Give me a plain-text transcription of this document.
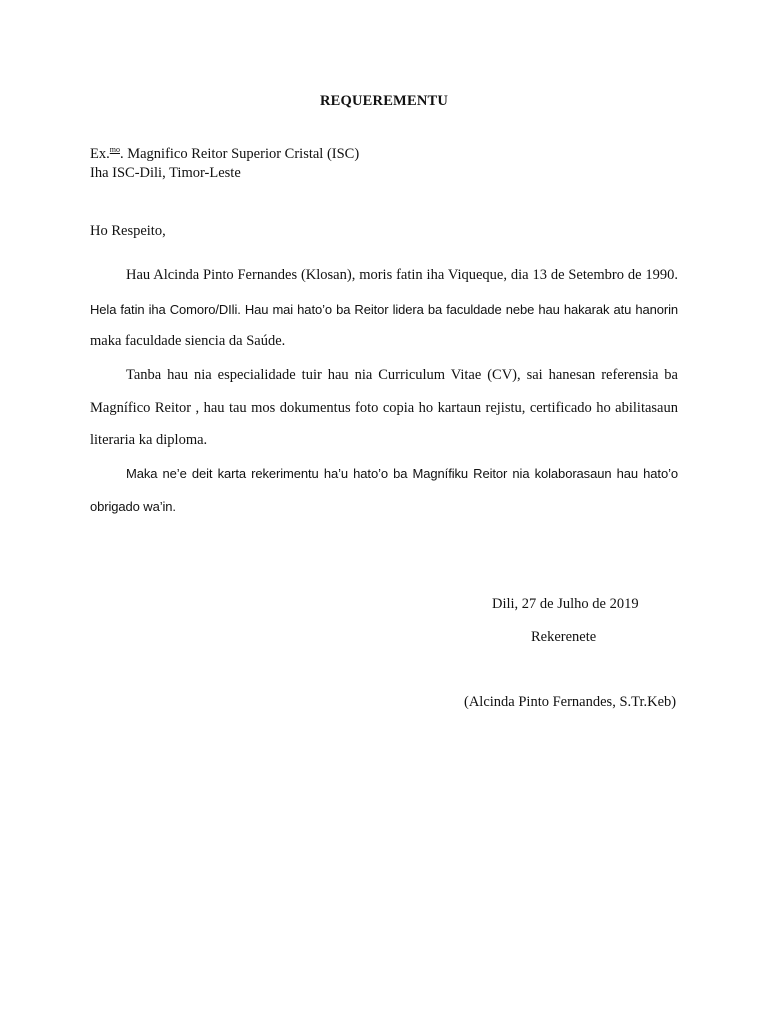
REQUEREMENTU
Ex.$^{mo}$. Magnifico Reitor Superior Cristal (ISC)
Iha ISC-Dili, Timor-Leste
Ho Respeito,
Hau Alcinda Pinto Fernandes (Klosan), moris fatin iha Viqueque, dia 13 de Setembro de 1990.
Hela fatin iha Comoro/DIli. Hau mai hato’o ba Reitor lidera ba faculdade nebe hau hakarak atu hanorin
maka faculdade siencia da Saúde.
Tanba hau nia especialidade tuir hau nia Curriculum Vitae (CV), sai hanesan referensia ba
Magnífico Reitor , hau tau mos dokumentus foto copia ho kartaun rejistu, certificado ho abilitasaun
literaria ka diploma.
Maka ne’e deit karta rekerimentu ha’u hato’o ba Magnífiku Reitor nia kolaborasaun hau hato’o
obrigado wa’in.
Dili, 27 de Julho de 2019
Rekerenete
(Alcinda Pinto Fernandes, S.Tr.Keb)
